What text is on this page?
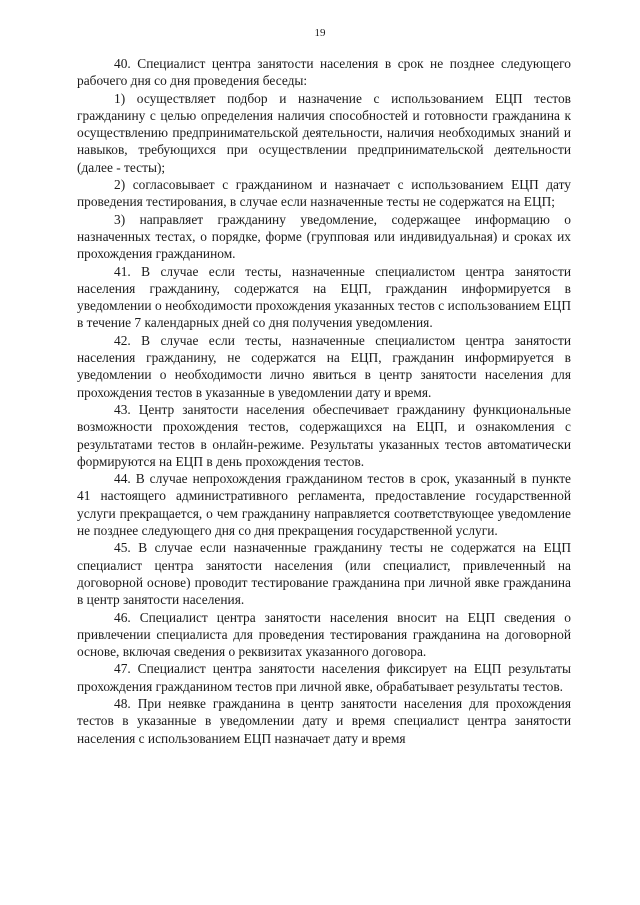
19

40. Специалист центра занятости населения в срок не позднее следующего рабочего дня со дня проведения беседы:

1) осуществляет подбор и назначение с использованием ЕЦП тестов гражданину с целью определения наличия способностей и готовности гражданина к осуществлению предпринимательской деятельности, наличия необходимых знаний и навыков, требующихся при осуществлении предпринимательской деятельности (далее - тесты);

2) согласовывает с гражданином и назначает с использованием ЕЦП дату проведения тестирования, в случае если назначенные тесты не содержатся на ЕЦП;

3) направляет гражданину уведомление, содержащее информацию о назначенных тестах, о порядке, форме (групповая или индивидуальная) и сроках их прохождения гражданином.

41. В случае если тесты, назначенные специалистом центра занятости населения гражданину, содержатся на ЕЦП, гражданин информируется в уведомлении о необходимости прохождения указанных тестов с использованием ЕЦП в течение 7 календарных дней со дня получения уведомления.

42. В случае если тесты, назначенные специалистом центра занятости населения гражданину, не содержатся на ЕЦП, гражданин информируется в уведомлении о необходимости лично явиться в центр занятости населения для прохождения тестов в указанные в уведомлении дату и время.

43. Центр занятости населения обеспечивает гражданину функциональные возможности прохождения тестов, содержащихся на ЕЦП, и ознакомления с результатами тестов в онлайн-режиме. Результаты указанных тестов автоматически формируются на ЕЦП в день прохождения тестов.

44. В случае непрохождения гражданином тестов в срок, указанный в пункте 41 настоящего административного регламента, предоставление государственной услуги прекращается, о чем гражданину направляется соответствующее уведомление не позднее следующего дня со дня прекращения государственной услуги.

45. В случае если назначенные гражданину тесты не содержатся на ЕЦП специалист центра занятости населения (или специалист, привлеченный на договорной основе) проводит тестирование гражданина при личной явке гражданина в центр занятости населения.

46. Специалист центра занятости населения вносит на ЕЦП сведения о привлечении специалиста для проведения тестирования гражданина на договорной основе, включая сведения о реквизитах указанного договора.

47. Специалист центра занятости населения фиксирует на ЕЦП результаты прохождения гражданином тестов при личной явке, обрабатывает результаты тестов.

48. При неявке гражданина в центр занятости населения для прохождения тестов в указанные в уведомлении дату и время специалист центра занятости населения с использованием ЕЦП назначает дату и время
